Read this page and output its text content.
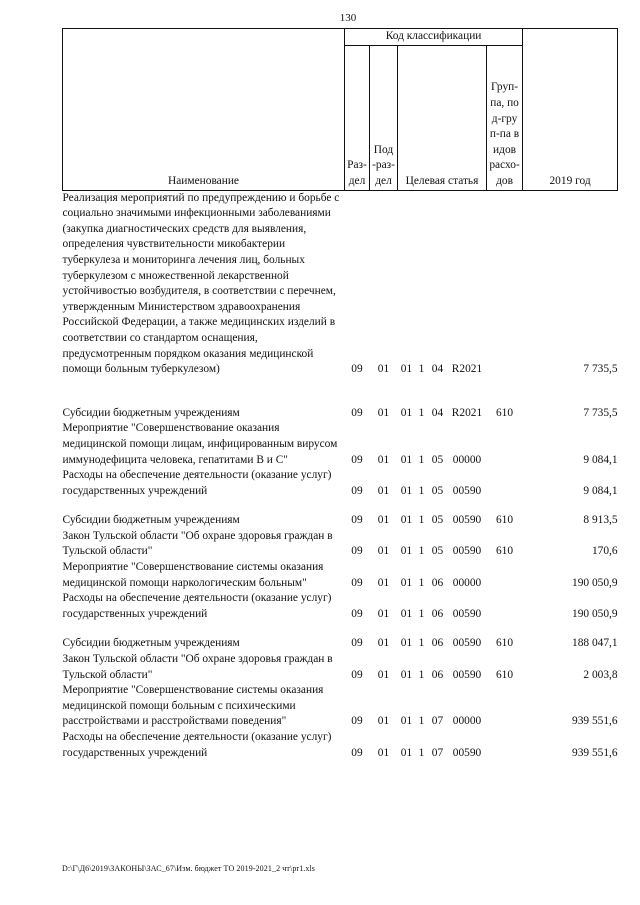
130
Наименование	Код классификации							2019 год
	Раз-дел	Под-раз-дел	Целевая статья				Груп-па, под-груп-па видов расхо-дов	
Реализация мероприятий по предупреждению и борьбе с социально значимыми инфекционными заболеваниями (закупка диагностических средств для выявления, определения чувствительности микобактерии туберкулеза и мониторинга лечения лиц, больных туберкулезом с множественной лекарственной устойчивостью возбудителя, в соответствии с перечнем, утвержденным Министерством здравоохранения Российской Федерации, а также медицинских изделий в соответствии со стандартом оснащения, предусмотренным порядком оказания медицинской помощи больным туберкулезом)	09	01	01	1	04	R2021		7 735,5

Субсидии бюджетным учреждениям	09	01	01	1	04	R2021	610	7 735,5
Мероприятие "Совершенствование оказания медицинской помощи лицам, инфицированным вирусом иммунодефицита человека, гепатитами В и С"	09	01	01	1	05	00000		9 084,1
Расходы на обеспечение деятельности (оказание услуг) государственных учреждений	09	01	01	1	05	00590		9 084,1

Субсидии бюджетным учреждениям	09	01	01	1	05	00590	610	8 913,5
Закон Тульской области "Об охране здоровья граждан в Тульской области"	09	01	01	1	05	00590	610	170,6
Мероприятие "Совершенствование системы оказания медицинской помощи наркологическим больным"	09	01	01	1	06	00000		190 050,9
Расходы на обеспечение деятельности (оказание услуг) государственных учреждений	09	01	01	1	06	00590		190 050,9

Субсидии бюджетным учреждениям	09	01	01	1	06	00590	610	188 047,1
Закон Тульской области "Об охране здоровья граждан в Тульской области"	09	01	01	1	06	00590	610	2 003,8
Мероприятие "Совершенствование системы оказания медицинской помощи больным с психическими расстройствами и расстройствами поведения"	09	01	01	1	07	00000		939 551,6
Расходы на обеспечение деятельности (оказание услуг) государственных учреждений	09	01	01	1	07	00590		939 551,6
D:\Г\Д6\2019\ЗАКОНЫ\ЗАС_67\Изм. бюджет ТО 2019-2021_2 чт\pr1.xls
